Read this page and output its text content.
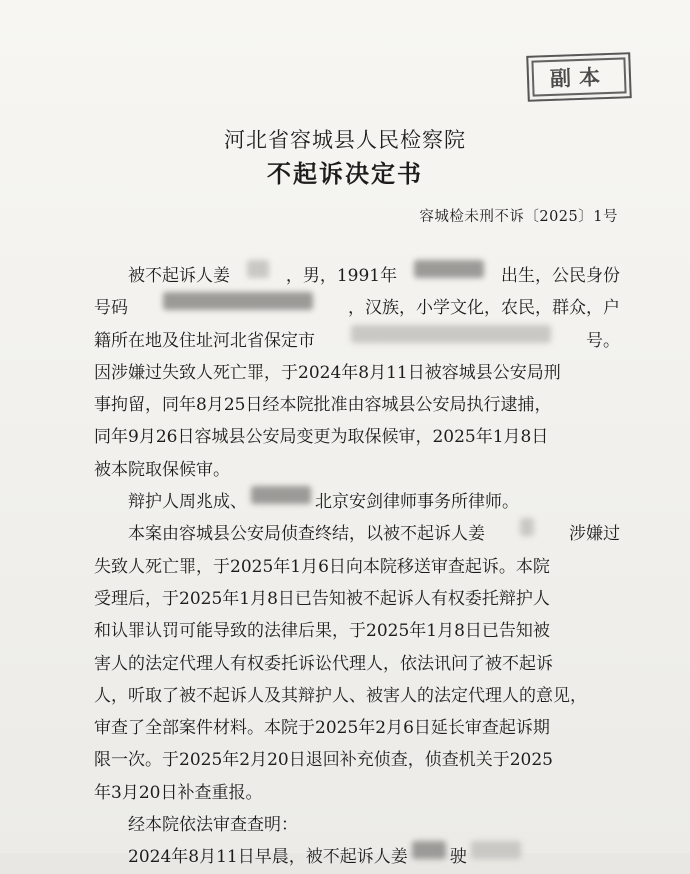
副本
河北省容城县人民检察院
不起诉决定书
容城检未刑不诉〔2025〕1号
被不起诉人姜	，男，1991年	出生，公民身份
号码	，汉族，小学文化，农民，群众，户
籍所在地及住址河北省保定市	号。
因涉嫌过失致人死亡罪，于2024年8月11日被容城县公安局刑
事拘留，同年8月25日经本院批准由容城县公安局执行逮捕，
同年9月26日容城县公安局变更为取保候审，2025年1月8日
被本院取保候审。
辩护人周兆成、	北京安剑律师事务所律师。
本案由容城县公安局侦查终结，以被不起诉人姜	涉嫌过
失致人死亡罪，于2025年1月6日向本院移送审查起诉。本院
受理后，于2025年1月8日已告知被不起诉人有权委托辩护人
和认罪认罚可能导致的法律后果，于2025年1月8日已告知被
害人的法定代理人有权委托诉讼代理人，依法讯问了被不起诉
人，听取了被不起诉人及其辩护人、被害人的法定代理人的意见，
审查了全部案件材料。本院于2025年2月6日延长审查起诉期
限一次。于2025年2月20日退回补充侦查，侦查机关于2025
年3月20日补查重报。
经本院依法审查查明：
2024年8月11日早晨，被不起诉人姜 驶
